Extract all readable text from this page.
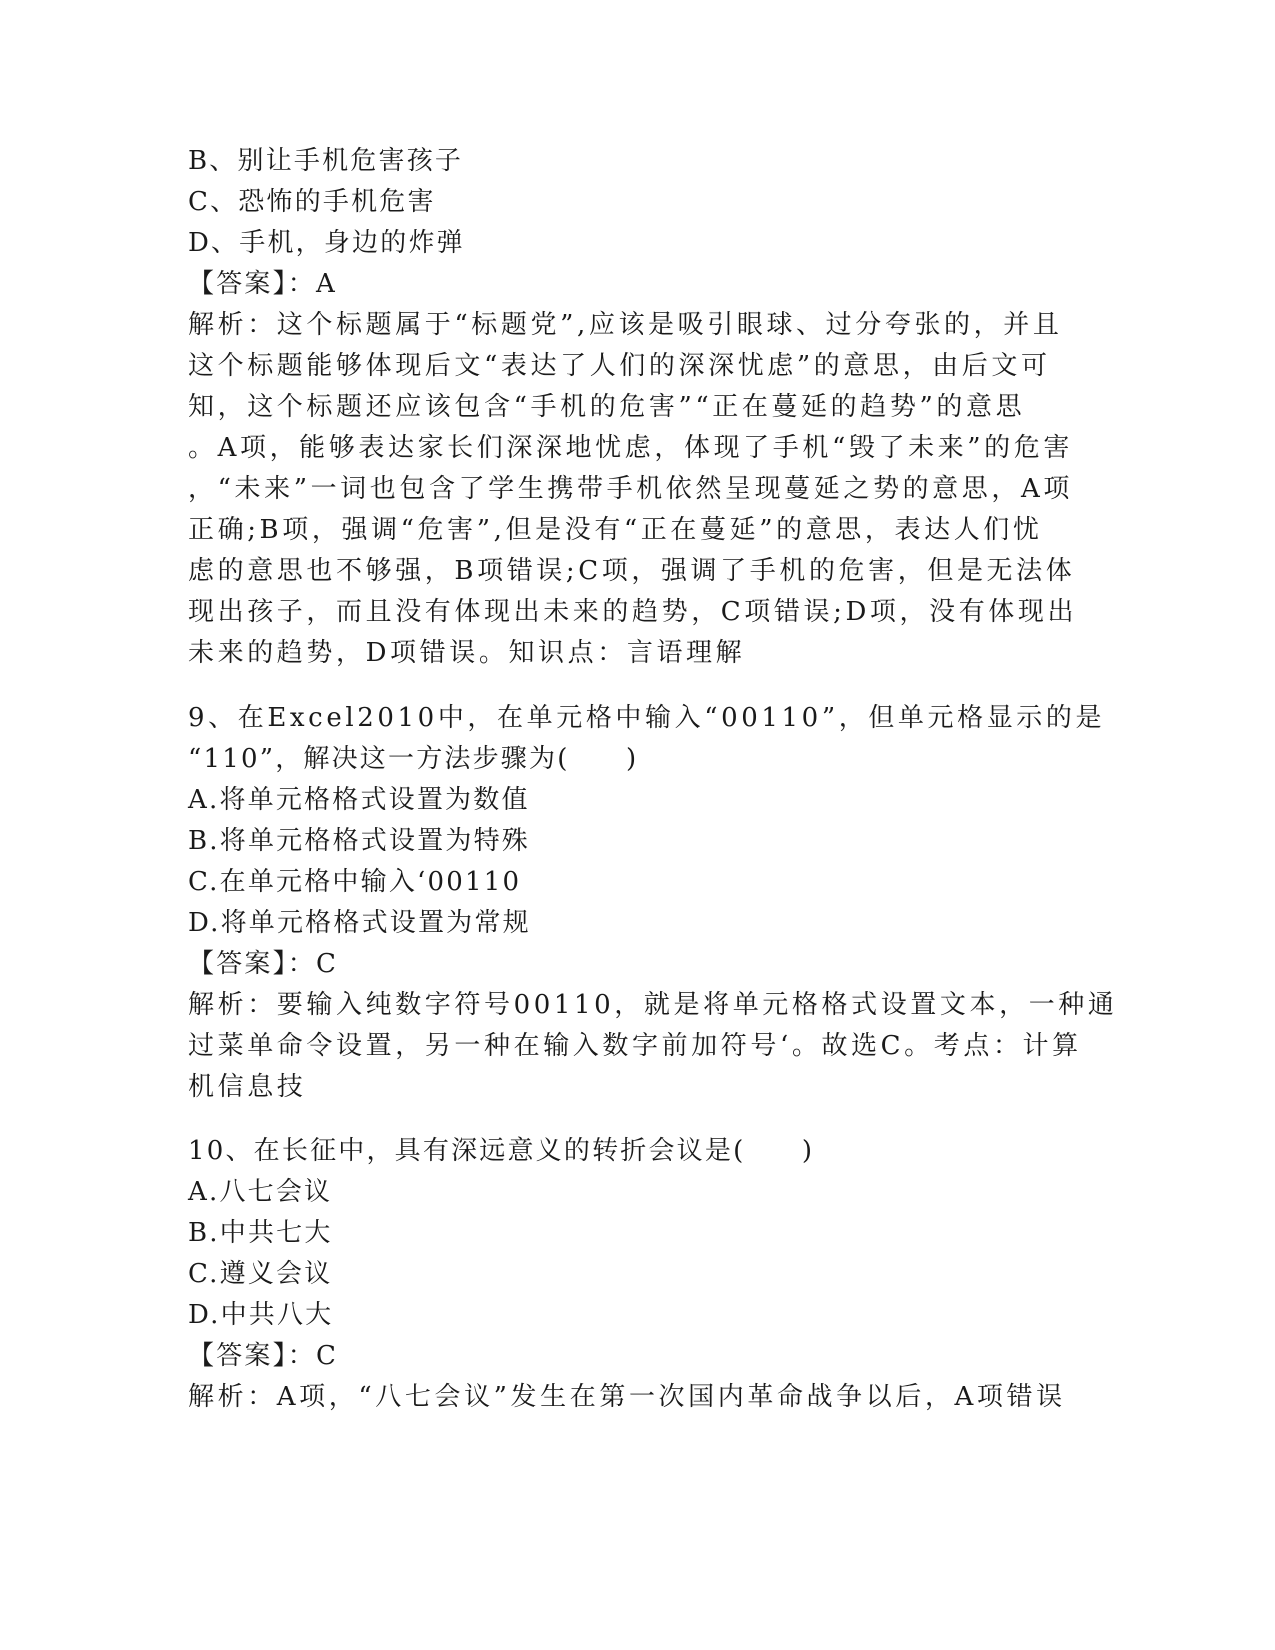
B、别让手机危害孩子
C、恐怖的手机危害
D、手机，身边的炸弹
【答案】：A
解析：这个标题属于“标题党”,应该是吸引眼球、过分夸张的，并且
这个标题能够体现后文“表达了人们的深深忧虑”的意思，由后文可
知，这个标题还应该包含“手机的危害”“正在蔓延的趋势”的意思
。A项，能够表达家长们深深地忧虑，体现了手机“毁了未来”的危害
，“未来”一词也包含了学生携带手机依然呈现蔓延之势的意思，A项
正确;B项，强调“危害”,但是没有“正在蔓延”的意思，表达人们忧
虑的意思也不够强，B项错误;C项，强调了手机的危害，但是无法体
现出孩子，而且没有体现出未来的趋势，C项错误;D项，没有体现出
未来的趋势，D项错误。知识点：言语理解
9、在Excel2010中，在单元格中输入“00110”，但单元格显示的是
“110”，解决这一方法步骤为(　　)
A.将单元格格式设置为数值
B.将单元格格式设置为特殊
C.在单元格中输入‘00110
D.将单元格格式设置为常规
【答案】：C
解析：要输入纯数字符号00110，就是将单元格格式设置文本，一种通
过菜单命令设置，另一种在输入数字前加符号‘。故选C。考点：计算
机信息技
10、在长征中，具有深远意义的转折会议是(　　)
A.八七会议
B.中共七大
C.遵义会议
D.中共八大
【答案】：C
解析：A项，“八七会议”发生在第一次国内革命战争以后，A项错误
